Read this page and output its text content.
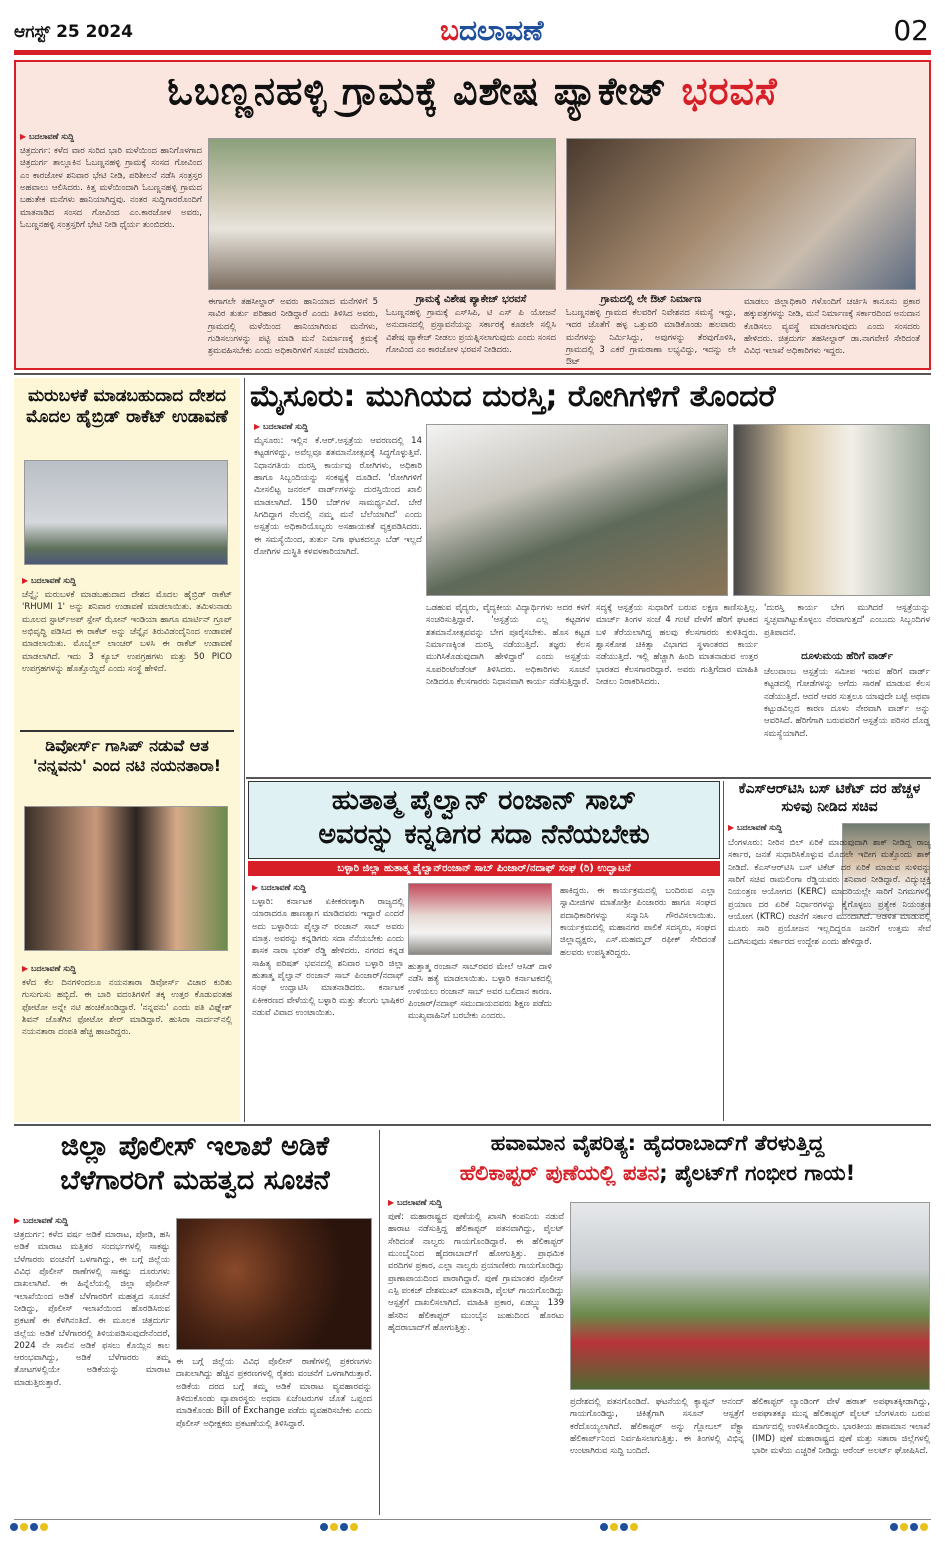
ಆಗಸ್ಟ್ 25 2024	ಬದಲಾವಣೆ	02
ಓಬಣ್ಣನಹಳ್ಳಿ ಗ್ರಾಮಕ್ಕೆ ವಿಶೇಷ ಪ್ಯಾಕೇಜ್ ಭರವಸೆ
▶ ಬದಲಾವಣೆ ಸುದ್ದಿ
ಚಿತ್ರದುರ್ಗ: ಕಳೆದ ವಾರ ಸುರಿದ ಭಾರಿ ಮಳೆಯಿಂದ ಹಾನಿಗೊಳಗಾದ ಚಿತ್ರದುರ್ಗ ತಾಲ್ಲೂಕಿನ ಓಬಣ್ಣನಹಳ್ಳಿ ಗ್ರಾಮಕ್ಕೆ ಸಂಸದ ಗೋವಿಂದ ಎಂ ಕಾರಜೋಳ ಶನಿವಾರ ಭೇಟಿ ನೀಡಿ, ಪರಿಶೀಲನೆ ನಡೆಸಿ ಸಂತ್ರಸ್ತರ ಅಹವಾಲು ಆಲಿಸಿದರು. ಕಿತ್ತ ಮಳೆಯಿಂದಾಗಿ ಓಬಣ್ಣನಹಳ್ಳಿ ಗ್ರಾಮದ ಬಹುತೇಕ ಮನೆಗಳು ಹಾನಿಯಾಗಿದ್ದವು. ನಂತರ ಸುದ್ದಿಗಾರರೊಂದಿಗೆ ಮಾತನಾಡಿದ ಸಂಸದ ಗೋವಿಂದ ಎಂ.ಕಾರಜೋಳ ಅವರು, ಓಬಣ್ಣನಹಳ್ಳಿ ಸಂತ್ರಸ್ತರಿಗೆ ಭೇಟಿ ನೀಡಿ ಧೈರ್ಯ ತುಂಬಿದರು.
ಈಗಾಗಲೇ ತಹಸೀಲ್ದಾರ್ ಅವರು ಹಾನಿಯಾದ ಮನೆಗಳಿಗೆ 5 ಸಾವಿರ ತುರ್ತು ಪರಿಹಾರ ನೀಡಿದ್ದಾರೆ ಎಂದು ತಿಳಿಸಿದ ಅವರು, ಗ್ರಾಮದಲ್ಲಿ ಮಳೆಯಿಂದ ಹಾನಿಯಾಗಿರುವ ಮನೆಗಳು, ಗುಡಿಸಲುಗಳನ್ನು ಪಟ್ಟಿ ಮಾಡಿ ಮನೆ ನಿರ್ಮಾಣಕ್ಕೆ ಕ್ರಮಕ್ಕೆ ಶ್ರಮವಹಿಸಬೇಕು ಎಂದು ಅಧಿಕಾರಿಗಳಿಗೆ ಸೂಚನೆ ಮಾಡಿದರು.
ಗ್ರಾಮಕ್ಕೆ ವಿಶೇಷ ಪ್ಯಾಕೇಜ್ ಭರವಸೆ
ಓಬಣ್ಣನಹಳ್ಳಿ ಗ್ರಾಮಕ್ಕೆ ಎಸ್‌ಸಿಪಿ, ಟಿ ಎಸ್ ಪಿ ಯೋಜನೆ ಅನುದಾನದಲ್ಲಿ ಪ್ರಸ್ತಾವನೆಯನ್ನು ಸರ್ಕಾರಕ್ಕೆ ಕೂಡಲೇ ಸಲ್ಲಿಸಿ ವಿಶೇಷ ಪ್ಯಾಕೇಜ್ ನೀಡಲು ಪ್ರಯತ್ನಿಸಲಾಗುವುದು ಎಂದು ಸಂಸದ ಗೋವಿಂದ ಎಂ ಕಾರಜೋಳ ಭರವಸೆ ನೀಡಿದರು.
ಗ್ರಾಮದಲ್ಲಿ ಲೇ ಔಟ್ ನಿರ್ಮಾಣ
ಓಬಣ್ಣನಹಳ್ಳಿ ಗ್ರಾಮದ ಕೆಲವರಿಗೆ ನಿವೇಶನದ ಸಮಸ್ಯೆ ಇದ್ದು, ಇದರ ಜೊತೆಗೆ ಹಳ್ಳ ಒತ್ತುವರಿ ಮಾಡಿಕೊಂಡು ಹಲವಾರು ಮನೆಗಳನ್ನು ನಿರ್ಮಿಸಿದ್ದು, ಅವುಗಳನ್ನು ತೆರವುಗೊಳಿಸಿ, ಗ್ರಾಮದಲ್ಲಿ 3 ಎಕರೆ ಗ್ರಾಮಠಾಣಾ ಲಭ್ಯವಿದ್ದು, ಇದನ್ನು ಲೇ ಔಟ್
ಮಾಡಲು ಜಿಲ್ಲಾಧಿಕಾರಿ ಗಳೊಂದಿಗೆ ಚರ್ಚಿಸಿ ಕಾನೂನು ಪ್ರಕಾರ ಹಕ್ಕುಪತ್ರಗಳನ್ನು ನೀಡಿ, ಮನೆ ನಿರ್ಮಾಣಕ್ಕೆ ಸರ್ಕಾರದಿಂದ ಅನುದಾನ ಕೊಡಿಸಲು ವ್ಯವಸ್ಥೆ ಮಾಡಲಾಗುವುದು ಎಂದು ಸಂಸದರು ಹೇಳಿದರು. ಚಿತ್ರದುರ್ಗ ತಹಸೀಲ್ದಾರ್ ಡಾ.ನಾಗವೇಣಿ ಸೇರಿದಂತೆ ವಿವಿಧ ಇಲಾಖೆ ಅಧಿಕಾರಿಗಳು ಇದ್ದರು.
ಮರುಬಳಕೆ ಮಾಡಬಹುದಾದ ದೇಶದ ಮೊದಲ ಹೈಬ್ರಿಡ್ ರಾಕೆಟ್ ಉಡಾವಣೆ
▶ ಬದಲಾವಣೆ ಸುದ್ದಿ
ಚೆನ್ನೈ: ಮರುಬಳಕೆ ಮಾಡಬಹುದಾದ ದೇಶದ ಮೊದಲ ಹೈಬ್ರಿಡ್ ರಾಕೆಟ್ 'RHUMI 1' ಅನ್ನು ಶನಿವಾರ ಉಡಾವಣೆ ಮಾಡಲಾಯಿತು. ತಮಿಳುನಾಡು ಮೂಲದ ಸ್ಟಾರ್ಟ್‌ಅಪ್ ಸ್ಪೇಸ್ ಝೋನ್ ಇಂಡಿಯಾ ಹಾಗೂ ಮಾರ್ಟಿನ್ ಗ್ರೂಪ್ ಅಭಿವೃದ್ಧಿ ಪಡಿಸಿದ ಈ ರಾಕೆಟ್ ಅನ್ನು ಚೆನ್ನೈನ ತಿರುವಿಡಂದೈನಿಂದ ಉಡಾವಣೆ ಮಾಡಲಾಯಿತು. ಮೊಬೈಲ್ ಲಾಂಚರ್ ಬಳಸಿ ಈ ರಾಕೆಟ್ ಉಡಾವಣೆ ಮಾಡಲಾಗಿದೆ. ಇದು 3 ಕ್ಯೂಬ್ ಉಪಗ್ರಹಗಳು ಮತ್ತು 50 PICO ಉಪಗ್ರಹಗಳನ್ನು ಹೊತ್ತೊಯ್ದಿದೆ ಎಂದು ಸಂಸ್ಥೆ ಹೇಳಿದೆ.
ಡಿವೋರ್ಸ್ ಗಾಸಿಪ್ ನಡುವೆ ಆತ 'ನನ್ನವನು' ಎಂದ ನಟಿ ನಯನತಾರಾ!
▶ ಬದಲಾವಣೆ ಸುದ್ದಿ
ಕಳೆದ ಕೆಲ ದಿನಗಳಿಂದಲೂ ನಯನತಾರಾ ಡಿವೋರ್ಸ್ ವಿಚಾರ ಕುರಿತು ಗುಸುಗುಸು ಹಬ್ಬಿದೆ. ಈ ಬಾರಿ ವದಂತಿಗಳಿಗೆ ತಕ್ಕ ಉತ್ತರ ಕೊಡುವಂತಹ ಫೋಟೋ ಅನ್ನೇ ನಟಿ ಹಂಚಿಕೊಂಡಿದ್ದಾರೆ. 'ನನ್ನವನು' ಎಂದು ಪತಿ ವಿಘ್ನೇಶ್ ಶಿವನ್ ಜೊತೆಗಿನ ಫೋಟೋ ಶೇರ್ ಮಾಡಿದ್ದಾರೆ. ಹುಸಿರಾ ನಾರ್ದನ್‌ನಲ್ಲಿ ನಯನತಾರಾ ದಂಪತಿ ಹೆಚ್ಚ ಹಾಜರಿದ್ದರು.
ಮೈಸೂರು: ಮುಗಿಯದ ದುರಸ್ತಿ; ರೋಗಿಗಳಿಗೆ ತೊಂದರೆ
▶ ಬದಲಾವಣೆ ಸುದ್ದಿ
ಮೈಸೂರು: ಇಲ್ಲಿನ ಕೆ.ಆರ್.ಆಸ್ಪತ್ರೆಯ ಆವರಣದಲ್ಲಿ 14 ಕಟ್ಟಡಗಳಿದ್ದು, ಅವೆಲ್ಲವೂ ಶತಮಾನೋತ್ಸವಕ್ಕೆ ಸಿದ್ಧಗೊಳ್ಳುತ್ತಿವೆ. ನಿಧಾನಗತಿಯ ದುರಸ್ತಿ ಕಾರ್ಯವು ರೋಗಿಗಳು, ಅಧಿಕಾರಿ ಹಾಗೂ ಸಿಬ್ಬಂದಿಯನ್ನು ಸಂಕಷ್ಟಕ್ಕೆ ದೂಡಿದೆ. 'ರೋಗಿಗಳಿಗೆ ಮೀಸಲಿಟ್ಟ ಜನರಲ್ ವಾರ್ಡ್‌ಗಳನ್ನು ದುರಸ್ತಿಯಿಂದ ಖಾಲಿ ಮಾಡಲಾಗಿದೆ. 150 ಬೆಡ್‌ಗಳ ಸಾಮರ್ಥ್ಯವಿದೆ. ಬೇರೆ ಸಿಗದಿದ್ದಾಗ ನೆಲದಲ್ಲಿ ನಮ್ಮ ಮನೆ ಬೆಲೆಯಾಗಿದೆ' ಎಂದು ಅಸ್ಪತ್ರೆಯ ಅಧಿಕಾರಿಯೊಬ್ಬರು ಅಸಹಾಯಕತೆ ವ್ಯಕ್ತಪಡಿಸಿದರು. ಈ ಸಮಸ್ಯೆಯಿಂದ, ತುರ್ತು ನಿಗಾ ಘಟಕದಲ್ಲೂ ಬೆಡ್ ಇಲ್ಲದೆ ರೋಗಿಗಳ ದುಸ್ಥಿತಿ ಕಳವಳಕಾರಿಯಾಗಿದೆ.
ಒಡಹುವ ವೈದ್ಯರು, ವೈದ್ಯಕೀಯ ವಿದ್ಯಾರ್ಥಿಗಳು ಅದರ ಕಳಗೆ ಸಂಚರಿಸುತ್ತಿದ್ದಾರೆ. 'ಆಸ್ಪತ್ರೆಯ ಎಲ್ಲ ಕಟ್ಟಡಗಳ ಶತಮಾನೋತ್ಸವವನ್ನು ಬೇಗ ಪೂರೈಸಬೇಕು. ಹೊಸ ಕಟ್ಟಡ ನಿರ್ಮಾಣಕ್ಕಿಂತ ದುರಸ್ತಿ ನಡೆಯುತ್ತಿದೆ. ತಜ್ಞರು ಕೆಲಸ ಮುಗಿಸಿಕೊಡುವುದಾಗಿ ಹೇಳಿದ್ದಾರೆ' ಎಂದು ಅಸ್ಪತ್ರೆಯ ಸೂಪರಿಂಟೆಂಡೆಂಟ್ ತಿಳಿಸಿದರು. ಅಧಿಕಾರಿಗಳು ಸೂಚನೆ ನೀಡಿದರೂ ಕೆಲಸಗಾರರು ನಿಧಾನವಾಗಿ ಕಾರ್ಯ ನಡೆಸುತ್ತಿದ್ದಾರೆ.
ಸದ್ಯಕ್ಕೆ ಆಸ್ಪತ್ರೆಯ ಸುಧಾರಿಗೆ ಬರುವ ಲಕ್ಷಣ ಕಾಣಿಸುತ್ತಿಲ್ಲ. ಮಾರ್ಚ್ ತಿಂಗಳ ಸಂಜೆ 4 ಗಂಟೆ ವೇಳೆಗೆ ಹೆರಿಗೆ ಘಟಕದ ಬಳಿ ತೆರೆಯಲಾಗಿದ್ದ ಹಲವು ಕೆಲಸಗಾರರು ಕುಳಿತಿದ್ದರು. ಶ್ವಾಸಕೋಶ ಚಿಕಿತ್ಸಾ ವಿಭಾಗದ ಸ್ಥಳಾಂತರದ ಕಾರ್ಯ ನಡೆಯುತ್ತಿದೆ. ಇಲ್ಲಿ ಹೆಚ್ಚಾಗಿ ಹಿಂದಿ ಮಾತನಾಡುವ ಉತ್ತರ ಭಾರತದ ಕೆಲಸಗಾರರಿದ್ದಾರೆ. ಅವರು ಗುತ್ತಿಗೆದಾರ ಮಾಹಿತಿ ನೀಡಲು ನಿರಾಕರಿಸಿದರು.
'ದುರಸ್ತಿ ಕಾರ್ಯ ಬೇಗ ಮುಗಿದರೆ ಆಸ್ಪತ್ರೆಯನ್ನು ಸ್ವಚ್ಛವಾಗಿಟ್ಟುಕೊಳ್ಳಲು ನೆರವಾಗುತ್ತದೆ' ಎಂಬುದು ಸಿಬ್ಬಂದಿಗಳ ಪ್ರತಿಪಾದನೆ.
ದೂಳುಮಯ ಹೆರಿಗೆ ವಾರ್ಡ್
ಚೆಲುವಾಂಬ ಆಸ್ಪತ್ರೆಯ ಸಮೀಪ ಇರುವ ಹೆರಿಗೆ ವಾರ್ಡ್ ಕಟ್ಟಡದಲ್ಲಿ ಗೋಡೆಗಳನ್ನು ಅಗೆದು ಸಾರಣೆ ಮಾಡುವ ಕೆಲಸ ನಡೆಯುತ್ತಿದೆ. ಆದರೆ ಆವರ ಸುತ್ತಲೂ ಯಾವುದೇ ಬಟ್ಟೆ ಅಥವಾ ಕಟ್ಟುಡವಿಲ್ಲದ ಕಾರಣ ದೂಳು ನೇರವಾಗಿ ವಾರ್ಡ್ ಅನ್ನು ಆವರಿಸಿದೆ. ಹೆರಿಗೆಗಾಗಿ ಬರುವವರಿಗೆ ಆಸ್ಪತ್ರೆಯ ಪರಿಸರ ದೊಡ್ಡ ಸಮಸ್ಯೆಯಾಗಿದೆ.
ಹುತಾತ್ಮ ಪೈಲ್ವಾನ್ ರಂಜಾನ್ ಸಾಬ್
ಅವರನ್ನು ಕನ್ನಡಿಗರ ಸದಾ ನೆನೆಯಬೇಕು
ಬಳ್ಳಾರಿ ಜಿಲ್ಲಾ ಹುತಾತ್ಮ ಪೈಲ್ವಾನ್‌ರಂಜಾನ್ ಸಾಬ್ ಪಿಂಜಾರ್/ನದಾಫ್ ಸಂಘ (ರಿ) ಉದ್ಘಾಟನೆ
▶ ಬದಲಾವಣೆ ಸುದ್ದಿ
ಬಳ್ಳಾರಿ: ಕರ್ನಾಟಕ ಏಕೀಕರಣಕ್ಕಾಗಿ ರಾಜ್ಯದಲ್ಲಿ ಯಾರಾದರೂ ಹಾಣತ್ಯಾಗ ಮಾಡಿದವರು ಇದ್ದಾರೆ ಎಂದರೆ ಅದು ಬಳ್ಳಾರಿಯ ಪೈಲ್ವಾನ್ ರಂಜಾನ್ ಸಾಬ್ ಅವರು ಮಾತ್ರ. ಅವರನ್ನು ಕನ್ನಡಿಗರು ಸದಾ ನೆನೆಯಬೇಕು ಎಂದು ಶಾಸಕ ನಾರಾ ಭರತ್ ರೆಡ್ಡಿ ಹೇಳಿದರು. ನಗರದ ಕನ್ನಡ ಸಾಹಿತ್ಯ ಪರಿಷತ್ ಭವನದಲ್ಲಿ ಶನಿವಾರ ಬಳ್ಳಾರಿ ಜಿಲ್ಲಾ ಹುತಾತ್ಮ ಪೈಲ್ವಾನ್ ರಂಜಾನ್ ಸಾಬ್ ಪಿಂಜಾರ್/ನದಾಫ್ ಸಂಘ ಉದ್ಘಾಟಿಸಿ ಮಾತನಾಡಿದರು. ಕರ್ನಾಟಕ ಏಕೀಕರಣದ ವೇಳೆಯಲ್ಲಿ ಬಳ್ಳಾರಿ ಮತ್ತು ತೆಲುಗು ಭಾಷಿಕರ ನಡುವೆ ವಿವಾದ ಉಂಟಾಯಿತು.
ಹುತ್ತಾತ್ಮ ರಂಜಾನ್ ಸಾಬ್‌ರವರ ಮೇಲೆ ಆಸಿಡ್ ದಾಳಿ ನಡೆಸಿ ಹತ್ಯೆ ಮಾಡಲಾಯಿತು. ಬಳ್ಳಾರಿ ಕರ್ನಾಟಕದಲ್ಲಿ ಉಳಿಯಲು ರಂಜಾನ್ ಸಾಬ್ ಅವರ ಬಲಿದಾನ ಕಾರಣ. ಪಿಂಜಾರ್/ನದಾಫ್ ಸಮುದಾಯದವರು ಶಿಕ್ಷಣ ಪಡೆದು ಮುಖ್ಯವಾಹಿನಿಗೆ ಬರಬೇಕು ಎಂದರು.
ಹಾಕಿದ್ದರು. ಈ ಕಾರ್ಯಕ್ರಮದಲ್ಲಿ ಬಂದಿರುವ ಎಲ್ಲಾ ಸ್ವಾಮೀಜಿಗಳ ಮಾತೋಶ್ರೀ ಪಿಂಜಾರರು ಹಾಗೂ ಸಂಘದ ಪದಾಧಿಕಾರಿಗಳನ್ನು ಸನ್ಮಾನಿಸಿ ಗೌರವಿಸಲಾಯಿತು. ಕಾರ್ಯಕ್ರಮದಲ್ಲಿ ಮಹಾನಗರ ಪಾಲಿಕೆ ಸದಸ್ಯರು, ಸಂಘದ ಜಿಲ್ಲಾಧ್ಯಕ್ಷರು, ಎಸ್.ಮಹಮ್ಮದ್ ರಫೀಕ್ ಸೇರಿದಂತೆ ಹಲವರು ಉಪಸ್ಥಿತರಿದ್ದರು.
ಕೆಎಸ್‌ಆರ್‌ಟಿಸಿ ಬಸ್ ಟಿಕೆಟ್ ದರ ಹೆಚ್ಚಳ ಸುಳಿವು ನೀಡಿದ ಸಚಿವ
▶ ಬದಲಾವಣೆ ಸುದ್ದಿ
ಬೆಂಗಳೂರು: ನೀರಿನ ಬಿಲ್ ಏರಿಕೆ ಮಾಡುವುದಾಗಿ ಶಾಕ್ ನೀಡಿದ್ದ ರಾಜ್ಯ ಸರ್ಕಾರ, ಜನತೆ ಸುಧಾರಿಸಿಕೊಳ್ಳುವ ಮೊದಲೇ ಇದೀಗ ಮತ್ತೊಂದು ಶಾಕ್ ನೀಡಿದೆ. ಕೆಎಸ್‌ಆರ್‌ಟಿಸಿ ಬಸ್ ಟಿಕೆಟ್ ದರ ಏರಿಕೆ ಮಾಡುವ ಸುಳಿವನ್ನು ಸಾರಿಗೆ ಸಚಿವ ರಾಮಲಿಂಗಾ ರೆಡ್ಡಿಯವರು ಶನಿವಾರ ನೀಡಿದ್ದಾರೆ. ವಿದ್ಯುಚ್ಛಕ್ತಿ ನಿಯಂತ್ರಣ ಆಯೋಗದ (KERC) ಮಾದರಿಯಲ್ಲೇ ಸಾರಿಗೆ ನಿಗಮಗಳಲ್ಲಿ ಪ್ರಯಾಣ ದರ ಏರಿಕೆ ನಿರ್ಧಾರಗಳನ್ನು ಕೈಗೊಳ್ಳಲು ಪ್ರತ್ಯೇಕ ನಿಯಂತ್ರಣ ಆಯೋಗ (KTRC) ರಚನೆಗೆ ಸರ್ಕಾರ ಮುಂದಾಗಿದೆ. ಆಡಳಿತ ಮಾಡುವಲ್ಲಿ ಮೂರು ಸಾರಿ ಪ್ರಯೋಜನ ಇಲ್ಲದಿದ್ದರೂ ಜನರಿಗೆ ಉತ್ತಮ ಸೇವೆ ಒದಗಿಸುವುದು ಸರ್ಕಾರದ ಉದ್ದೇಶ ಎಂದು ಹೇಳಿದ್ದಾರೆ.
ಜಿಲ್ಲಾ ಪೊಲೀಸ್ ಇಲಾಖೆ ಅಡಿಕೆ ಬೆಳೆಗಾರರಿಗೆ ಮಹತ್ವದ ಸೂಚನೆ
▶ ಬದಲಾವಣೆ ಸುದ್ದಿ
ಚಿತ್ರದುರ್ಗ: ಕಳೆದ ವರ್ಷ ಅಡಿಕೆ ಮಾರಾಟ, ಪೋಡಿ, ಹಸಿ ಅಡಿಕೆ ಮಾರಾಟ ಮತ್ತಿತರ ಸಂದರ್ಭಗಳಲ್ಲಿ ಸಾಕಷ್ಟು ಬೆಳೆಗಾರರು ವಂಚನೆಗೆ ಒಳಗಾಗಿದ್ದು, ಈ ಬಗ್ಗೆ ಜಿಲ್ಲೆಯ ವಿವಿಧ ಪೊಲೀಸ್ ಠಾಣೆಗಳಲ್ಲಿ ಸಾಕಷ್ಟು ದೂರುಗಳು ದಾಖಲಾಗಿವೆ. ಈ ಹಿನ್ನೆಲೆಯಲ್ಲಿ ಜಿಲ್ಲಾ ಪೊಲೀಸ್ ಇಲಾಖೆಯಿಂದ ಅಡಿಕೆ ಬೆಳೆಗಾರರಿಗೆ ಮಹತ್ವದ ಸೂಚನೆ ನೀಡಿದ್ದು, ಪೊಲೀಸ್ ಇಲಾಖೆಯಿಂದ ಹೊರಡಿಸಿರುವ ಪ್ರಕಟಣೆ ಈ ಕೆಳಗಿನಂತಿದೆ. ಈ ಮೂಲಕ ಚಿತ್ರದುರ್ಗ ಜಿಲ್ಲೆಯ ಅಡಿಕೆ ಬೆಳೆಗಾರರಲ್ಲಿ ತಿಳಿಯಪಡಿಸುವುದೇನೆಂದರೆ, 2024 ನೇ ಸಾಲಿನ ಅಡಿಕೆ ಫಸಲು ಕೊಯ್ಲಿನ ಕಾಲ ಆರಂಭವಾಗಿದ್ದು, ಅಡಿಕೆ ಬೆಳೆಗಾರರು ತಮ್ಮ ತೋಟಗಳಲ್ಲಿಯೇ ಅಡಿಕೆಯನ್ನು ಮಾರಾಟ ಮಾಡುತ್ತಿರುತ್ತಾರೆ.
ಈ ಬಗ್ಗೆ ಜಿಲ್ಲೆಯ ವಿವಿಧ ಪೊಲೀಸ್ ಠಾಣೆಗಳಲ್ಲಿ ಪ್ರಕರಣಗಳು ದಾಖಲಾಗಿದ್ದು ಹೆಚ್ಚಿನ ಪ್ರಕರಣಗಳಲ್ಲಿ ರೈತರು ವಂಚನೆಗೆ ಒಳಗಾಗಿರುತ್ತಾರೆ. ಅಡಿಕೆಯ ದರದ ಬಗ್ಗೆ ತಮ್ಮ ಅಡಿಕೆ ಮಾರಾಟ ವ್ಯವಹಾರವನ್ನು ತಿಳಿದುಕೊಂಡು ವ್ಯಾಪಾರಸ್ಥರು ಅಥವಾ ಏಜೆಂಟರುಗಳ ಜೊತೆ ಒಪ್ಪಂದ ಮಾಡಿಕೊಂಡು Bill of Exchange ಪಡೆದು ವ್ಯವಹರಿಸಬೇಕು ಎಂದು ಪೊಲೀಸ್ ಅಧೀಕ್ಷಕರು ಪ್ರಕಟಣೆಯಲ್ಲಿ ತಿಳಿಸಿದ್ದಾರೆ.
ಹವಾಮಾನ ವೈಪರಿತ್ಯ: ಹೈದರಾಬಾದ್‌ಗೆ ತೆರಳುತ್ತಿದ್ದ
ಹೆಲಿಕಾಪ್ಟರ್ ಪುಣೆಯಲ್ಲಿ ಪತನ; ಪೈಲಟ್‌ಗೆ ಗಂಭೀರ ಗಾಯ!
▶ ಬದಲಾವಣೆ ಸುದ್ದಿ
ಪುಣೆ: ಮಹಾರಾಷ್ಟ್ರದ ಪುಣೆಯಲ್ಲಿ ಖಾಸಗಿ ಕಂಪನಿಯ ನಡುವೆ ಹಾರಾಟ ನಡೆಸುತ್ತಿದ್ದ ಹೆಲಿಕಾಪ್ಟರ್ ಪತನವಾಗಿದ್ದು, ಪೈಲಟ್ ಸೇರಿದಂತೆ ನಾಲ್ವರು ಗಾಯಗೊಂಡಿದ್ದಾರೆ. ಈ ಹೆಲಿಕಾಪ್ಟರ್ ಮುಂಬೈನಿಂದ ಹೈದರಾಬಾದ್‌ಗೆ ಹೋಗುತ್ತಿತ್ತು. ಪ್ರಾಥಮಿಕ ವರದಿಗಳ ಪ್ರಕಾರ, ಎಲ್ಲಾ ನಾಲ್ವರು ಪ್ರಯಾಣಿಕರು ಗಾಯಗೊಂಡಿದ್ದು ಪ್ರಾಣಾಪಾಯದಿಂದ ಪಾರಾಗಿದ್ದಾರೆ. ಪುಣೆ ಗ್ರಾಮಾಂತರ ಪೊಲೀಸ್ ಎಸ್ಪಿ ಪಂಕಜ್ ದೇಶಮುಖ್ ಮಾತನಾಡಿ, ಪೈಲಟ್ ಗಾಯಗೊಂಡಿದ್ದು ಆಸ್ಪತ್ರೆಗೆ ದಾಖಲಿಸಲಾಗಿದೆ. ಮಾಹಿತಿ ಪ್ರಕಾರ, ಏಡಬ್ಲ್ಯು 139 ಹೆಸರಿನ ಹೆಲಿಕಾಪ್ಟರ್ ಮುಂಬೈನ ಜುಹುದಿಂದ ಹೊರಟು ಹೈದರಾಬಾದ್‌ಗೆ ಹೋಗುತ್ತಿತ್ತು.
ಪ್ರದೇಶದಲ್ಲಿ ಪತನಗೊಂಡಿದೆ. ಘಟನೆಯಲ್ಲಿ ಕ್ಯಾಪ್ಟನ್ ಆನಂದ್ ಗಾಯಗೊಂಡಿದ್ದು, ಚಿಕಿತ್ಸೆಗಾಗಿ ಸಸೂನ್ ಆಸ್ಪತ್ರೆಗೆ ಕರೆದೊಯ್ಯಲಾಗಿದೆ. ಹೆಲಿಕಾಪ್ಟರ್ ಅನ್ನು ಗ್ಲೋಬಲ್ ವೆಕ್ಟ್ರಾ ಹೆಲಿಕಾರ್ಪ್‌ನಿಂದ ನಿರ್ವಹಿಸಲಾಗುತ್ತಿತ್ತು. ಈ ತಿಂಗಳಲ್ಲಿ ವಿಭಿನ್ನ ಉಂಟಾಗಿರುವ ಸುದ್ದಿ ಬಂದಿದೆ.
ಹೆಲಿಕಾಪ್ಟರ್ ಲ್ಯಾಂಡಿಂಗ್ ವೇಳೆ ಹಠಾತ್ ಅಪಘಾತಕ್ಕೀಡಾಗಿದ್ದು, ಅಪಘಾತಕ್ಕೂ ಮುನ್ನ ಹೆಲಿಕಾಪ್ಟರ್ ಪೈಲಟ್ ಬೆಂಗಳೂರು ಬರುವ ಮಾರ್ಗದಲ್ಲಿ ಉಳಿಸಿಕೊಂಡಿದ್ದರು. ಭಾರತೀಯ ಹವಾಮಾನ ಇಲಾಖೆ (IMD) ಪುಣೆ ಮಹಾರಾಷ್ಟ್ರದ ಪುಣೆ ಮತ್ತು ಸತಾರಾ ಜಿಲ್ಲೆಗಳಲ್ಲಿ ಭಾರೀ ಮಳೆಯ ಎಚ್ಚರಿಕೆ ನೀಡಿದ್ದು ಆರೆಂಜ್ ಅಲರ್ಟ್ ಘೋಷಿಸಿದೆ.
